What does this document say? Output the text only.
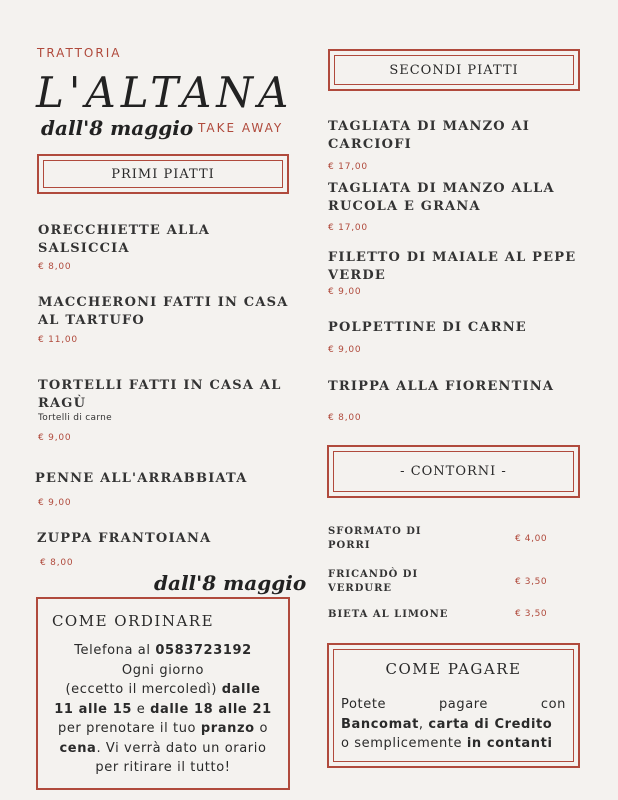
TRATTORIA
L'ALTANA
dall'8 maggio TAKE AWAY
PRIMI PIATTI
ORECCHIETTE ALLA
SALSICCIA
€ 8,00
MACCHERONI FATTI IN CASA
AL TARTUFO
€ 11,00
TORTELLI FATTI IN CASA AL
RAGÙ
Tortelli di carne
€ 9,00
PENNE ALL'ARRABBIATA
€ 9,00
ZUPPA FRANTOIANA
€ 8,00
SECONDI PIATTI
TAGLIATA DI MANZO AI
CARCIOFI
€ 17,00
TAGLIATA DI MANZO ALLA
RUCOLA E GRANA
€ 17,00
FILETTO DI MAIALE AL PEPE
VERDE
€ 9,00
POLPETTINE DI CARNE
€ 9,00
TRIPPA ALLA FIORENTINA
€ 8,00
- CONTORNI -
SFORMATO DI
PORRI
€ 4,00
FRICANDÒ DI
VERDURE
€ 3,50
BIETA AL LIMONE	€ 3,50
dall'8 maggio
COME ORDINARE
Telefona al 0583723192
Ogni giorno
(eccetto il mercoledì) dalle
11 alle 15 e dalle 18 alle 21
per prenotare il tuo pranzo o
cena. Vi verrà dato un orario
per ritirare il tutto!
COME PAGARE
Potete	pagare	con
Bancomat, carta di Credito
o semplicemente in contanti
